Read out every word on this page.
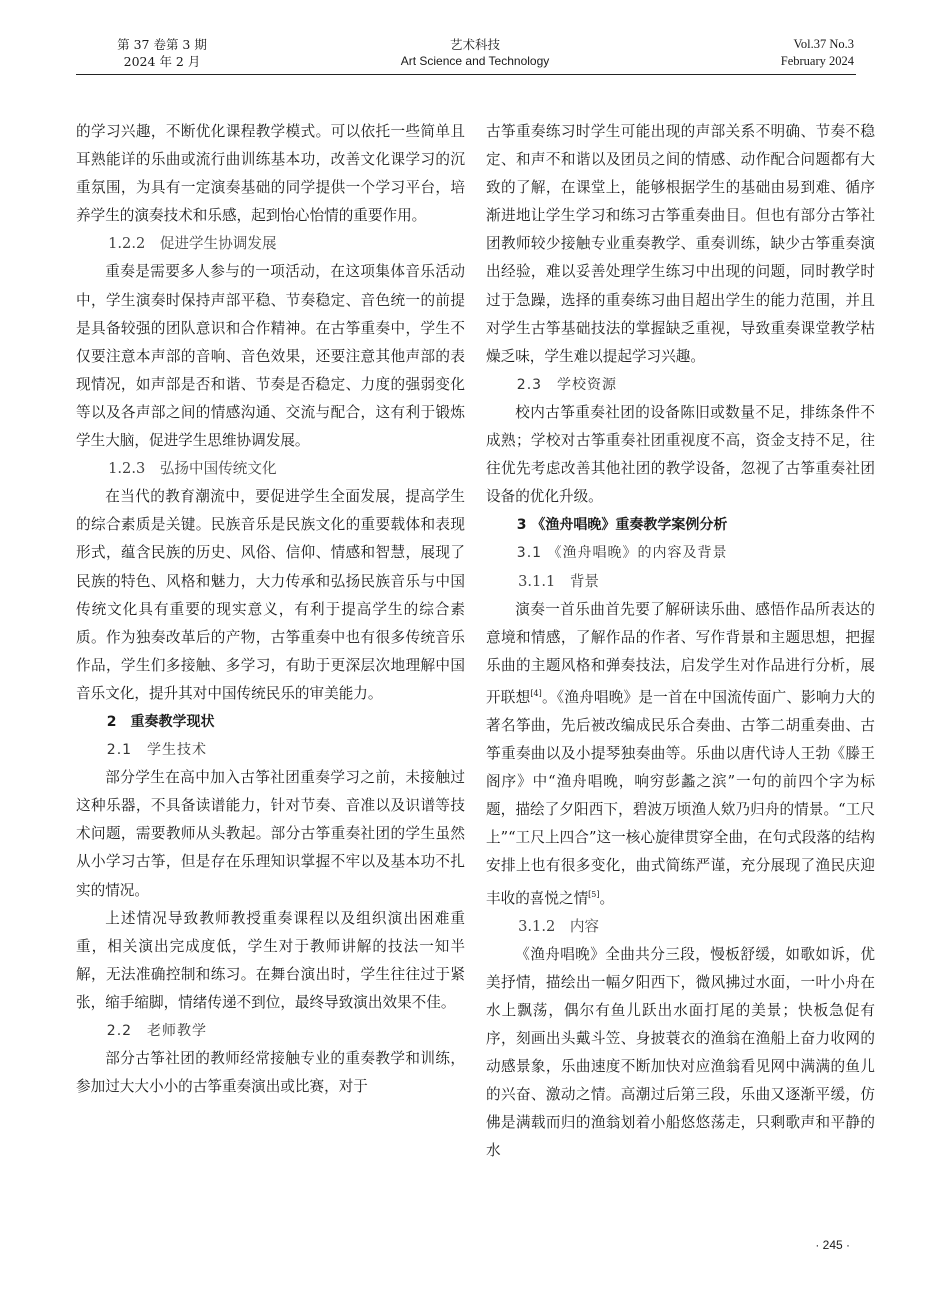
第 37 卷第 3 期
2024 年 2 月
艺术科技
Art Science and Technology
Vol.37 No.3
February 2024

的学习兴趣，不断优化课程教学模式。可以依托一些简单且耳熟能详的乐曲或流行曲训练基本功，改善文化课学习的沉重氛围，为具有一定演奏基础的同学提供一个学习平台，培养学生的演奏技术和乐感，起到怡心怡情的重要作用。

1.2.2　促进学生协调发展

重奏是需要多人参与的一项活动，在这项集体音乐活动中，学生演奏时保持声部平稳、节奏稳定、音色统一的前提是具备较强的团队意识和合作精神。在古筝重奏中，学生不仅要注意本声部的音响、音色效果，还要注意其他声部的表现情况，如声部是否和谐、节奏是否稳定、力度的强弱变化等以及各声部之间的情感沟通、交流与配合，这有利于锻炼学生大脑，促进学生思维协调发展。

1.2.3　弘扬中国传统文化

在当代的教育潮流中，要促进学生全面发展，提高学生的综合素质是关键。民族音乐是民族文化的重要载体和表现形式，蕴含民族的历史、风俗、信仰、情感和智慧，展现了民族的特色、风格和魅力，大力传承和弘扬民族音乐与中国传统文化具有重要的现实意义，有利于提高学生的综合素质。作为独奏改革后的产物，古筝重奏中也有很多传统音乐作品，学生们多接触、多学习，有助于更深层次地理解中国音乐文化，提升其对中国传统民乐的审美能力。

2　重奏教学现状
2.1　学生技术

部分学生在高中加入古筝社团重奏学习之前，未接触过这种乐器，不具备读谱能力，针对节奏、音准以及识谱等技术问题，需要教师从头教起。部分古筝重奏社团的学生虽然从小学习古筝，但是存在乐理知识掌握不牢以及基本功不扎实的情况。

上述情况导致教师教授重奏课程以及组织演出困难重重，相关演出完成度低，学生对于教师讲解的技法一知半解，无法准确控制和练习。在舞台演出时，学生往往过于紧张，缩手缩脚，情绪传递不到位，最终导致演出效果不佳。

2.2　老师教学

部分古筝社团的教师经常接触专业的重奏教学和训练，参加过大大小小的古筝重奏演出或比赛，对于

古筝重奏练习时学生可能出现的声部关系不明确、节奏不稳定、和声不和谐以及团员之间的情感、动作配合问题都有大致的了解，在课堂上，能够根据学生的基础由易到难、循序渐进地让学生学习和练习古筝重奏曲目。但也有部分古筝社团教师较少接触专业重奏教学、重奏训练，缺少古筝重奏演出经验，难以妥善处理学生练习中出现的问题，同时教学时过于急躁，选择的重奏练习曲目超出学生的能力范围，并且对学生古筝基础技法的掌握缺乏重视，导致重奏课堂教学枯燥乏味，学生难以提起学习兴趣。

2.3　学校资源

校内古筝重奏社团的设备陈旧或数量不足，排练条件不成熟；学校对古筝重奏社团重视度不高，资金支持不足，往往优先考虑改善其他社团的教学设备，忽视了古筝重奏社团设备的优化升级。

3 《渔舟唱晚》重奏教学案例分析
3.1 《渔舟唱晚》的内容及背景
3.1.1　背景

演奏一首乐曲首先要了解研读乐曲、感悟作品所表达的意境和情感，了解作品的作者、写作背景和主题思想，把握乐曲的主题风格和弹奏技法，启发学生对作品进行分析，展开联想[4]。《渔舟唱晚》是一首在中国流传面广、影响力大的著名筝曲，先后被改编成民乐合奏曲、古筝二胡重奏曲、古筝重奏曲以及小提琴独奏曲等。乐曲以唐代诗人王勃《滕王阁序》中“渔舟唱晚，响穷彭蠡之滨”一句的前四个字为标题，描绘了夕阳西下，碧波万顷渔人欸乃归舟的情景。“工尺上”“工尺上四合”这一核心旋律贯穿全曲，在句式段落的结构安排上也有很多变化，曲式简练严谨，充分展现了渔民庆迎丰收的喜悦之情[5]。

3.1.2　内容

《渔舟唱晚》全曲共分三段，慢板舒缓，如歌如诉，优美抒情，描绘出一幅夕阳西下，微风拂过水面，一叶小舟在水上飘荡，偶尔有鱼儿跃出水面打尾的美景；快板急促有序，刻画出头戴斗笠、身披蓑衣的渔翁在渔船上奋力收网的动感景象，乐曲速度不断加快对应渔翁看见网中满满的鱼儿的兴奋、激动之情。高潮过后第三段，乐曲又逐渐平缓，仿佛是满载而归的渔翁划着小船悠悠荡走，只剩歌声和平静的水

· 245 ·
